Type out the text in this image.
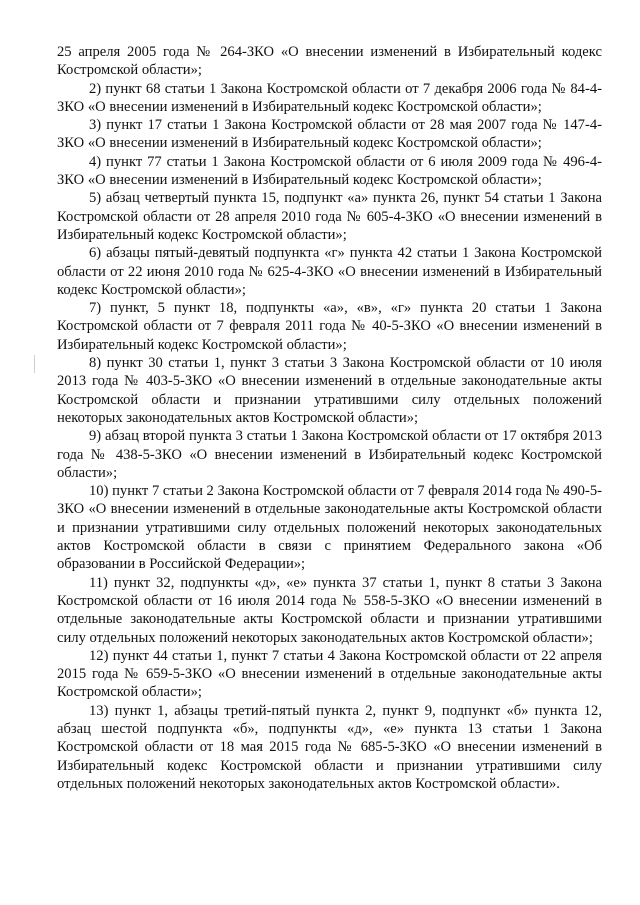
25 апреля 2005 года № 264-ЗКО «О внесении изменений в Избирательный кодекс Костромской области»;

2) пункт 68 статьи 1 Закона Костромской области от 7 декабря 2006 года № 84-4-ЗКО «О внесении изменений в Избирательный кодекс Костромской области»;

3) пункт 17 статьи 1 Закона Костромской области от 28 мая 2007 года № 147-4-ЗКО «О внесении изменений в Избирательный кодекс Костромской области»;

4) пункт 77 статьи 1 Закона Костромской области от 6 июля 2009 года № 496-4-ЗКО «О внесении изменений в Избирательный кодекс Костромской области»;

5) абзац четвертый пункта 15, подпункт «а» пункта 26, пункт 54 статьи 1 Закона Костромской области от 28 апреля 2010 года № 605-4-ЗКО «О внесении изменений в Избирательный кодекс Костромской области»;

6) абзацы пятый-девятый подпункта «г» пункта 42 статьи 1 Закона Костромской области от 22 июня 2010 года № 625-4-ЗКО «О внесении изменений в Избирательный кодекс Костромской области»;

7) пункт, 5 пункт 18, подпункты «а», «в», «г» пункта 20 статьи 1 Закона Костромской области от 7 февраля 2011 года № 40-5-ЗКО «О внесении изменений в Избирательный кодекс Костромской области»;

8) пункт 30 статьи 1, пункт 3 статьи 3 Закона Костромской области от 10 июля 2013 года № 403-5-ЗКО «О внесении изменений в отдельные законодательные акты Костромской области и признании утратившими силу отдельных положений некоторых законодательных актов Костромской области»;

9) абзац второй пункта 3 статьи 1 Закона Костромской области от 17 октября 2013 года № 438-5-ЗКО «О внесении изменений в Избирательный кодекс Костромской области»;

10) пункт 7 статьи 2 Закона Костромской области от 7 февраля 2014 года № 490-5-ЗКО «О внесении изменений в отдельные законодательные акты Костромской области и признании утратившими силу отдельных положений некоторых законодательных актов Костромской области в связи с принятием Федерального закона «Об образовании в Российской Федерации»;

11) пункт 32, подпункты «д», «е» пункта 37 статьи 1, пункт 8 статьи 3 Закона Костромской области от 16 июля 2014 года № 558-5-ЗКО «О внесении изменений в отдельные законодательные акты Костромской области и признании утратившими силу отдельных положений некоторых законодательных актов Костромской области»;

12) пункт 44 статьи 1, пункт 7 статьи 4 Закона Костромской области от 22 апреля 2015 года № 659-5-ЗКО «О внесении изменений в отдельные законодательные акты Костромской области»;

13) пункт 1, абзацы третий-пятый пункта 2, пункт 9, подпункт «б» пункта 12, абзац шестой подпункта «б», подпункты «д», «е» пункта 13 статьи 1 Закона Костромской области от 18 мая 2015 года № 685-5-ЗКО «О внесении изменений в Избирательный кодекс Костромской области и признании утратившими силу отдельных положений некоторых законодательных актов Костромской области».
